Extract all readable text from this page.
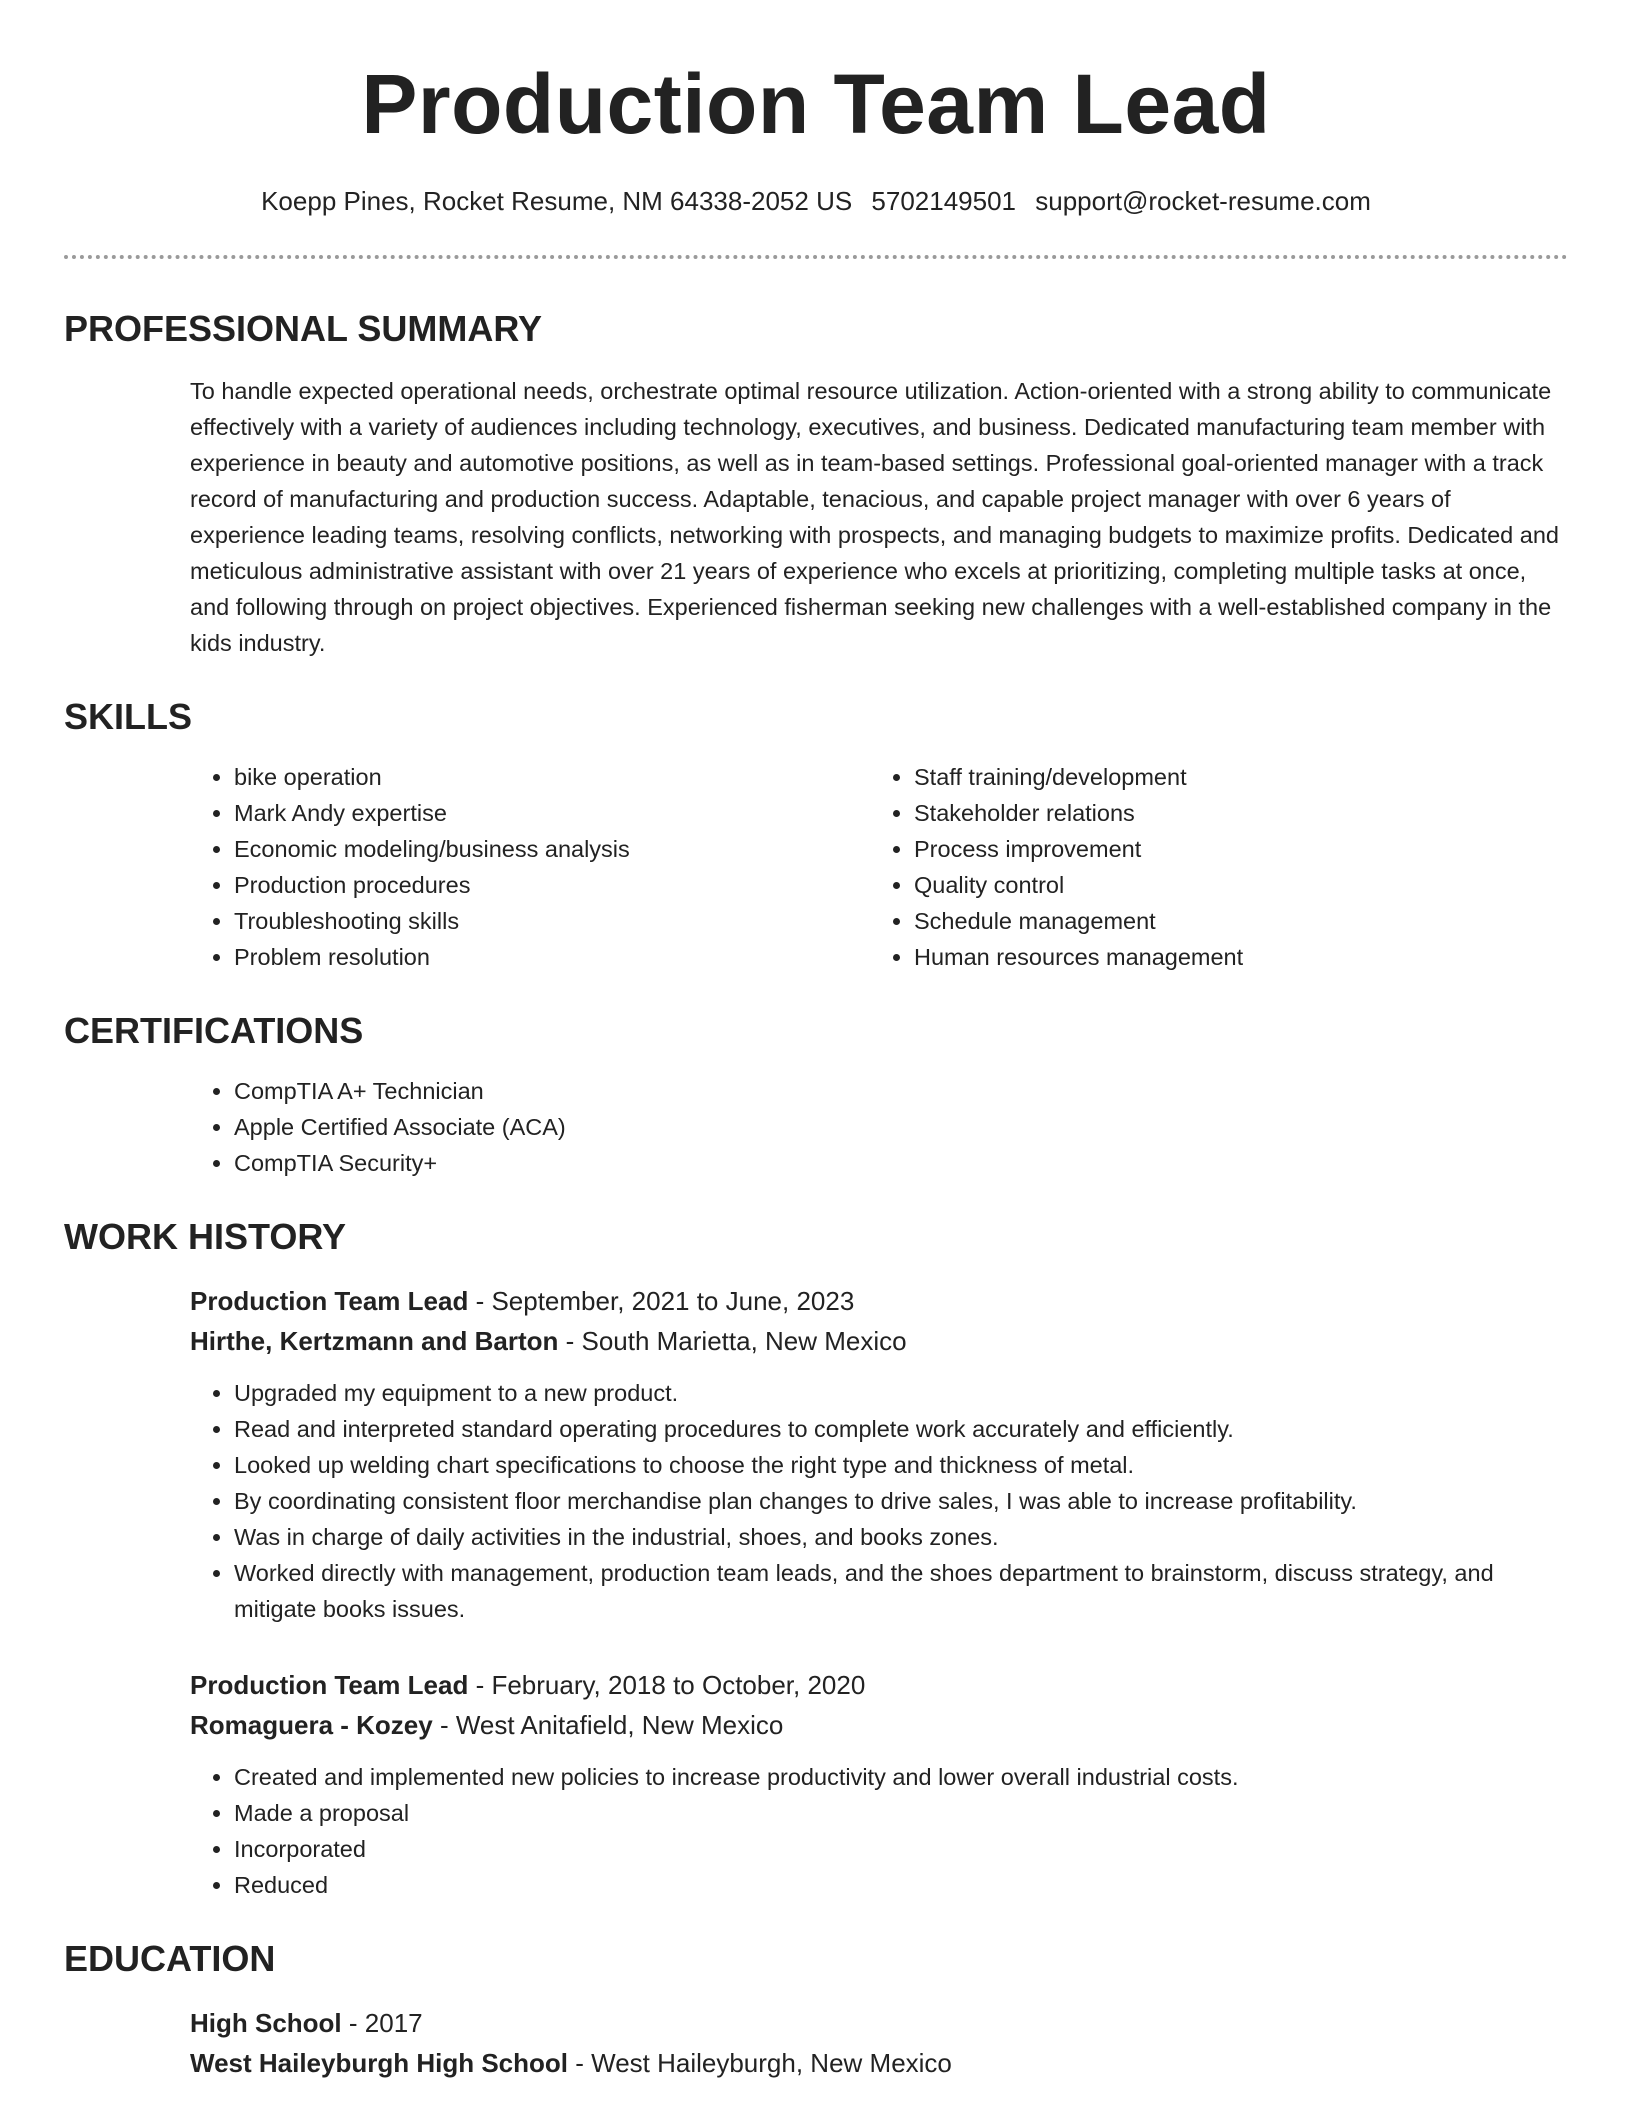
Production Team Lead
Koepp Pines, Rocket Resume, NM 64338-2052 US 5702149501 support@rocket-resume.com
PROFESSIONAL SUMMARY

To handle expected operational needs, orchestrate optimal resource utilization. Action-oriented with a strong ability to communicate effectively with a variety of audiences including technology, executives, and business. Dedicated manufacturing team member with experience in beauty and automotive positions, as well as in team-based settings. Professional goal-oriented manager with a track record of manufacturing and production success. Adaptable, tenacious, and capable project manager with over 6 years of experience leading teams, resolving conflicts, networking with prospects, and managing budgets to maximize profits. Dedicated and meticulous administrative assistant with over 21 years of experience who excels at prioritizing, completing multiple tasks at once, and following through on project objectives. Experienced fisherman seeking new challenges with a well-established company in the kids industry.

SKILLS
• bike operation
• Mark Andy expertise
• Economic modeling/business analysis
• Production procedures
• Troubleshooting skills
• Problem resolution
• Staff training/development
• Stakeholder relations
• Process improvement
• Quality control
• Schedule management
• Human resources management
CERTIFICATIONS
• CompTIA A+ Technician
• Apple Certified Associate (ACA)
• CompTIA Security+
WORK HISTORY
Production Team Lead - September, 2021 to June, 2023
Hirthe, Kertzmann and Barton - South Marietta, New Mexico
• Upgraded my equipment to a new product.
• Read and interpreted standard operating procedures to complete work accurately and efficiently.
• Looked up welding chart specifications to choose the right type and thickness of metal.
• By coordinating consistent floor merchandise plan changes to drive sales, I was able to increase profitability.
• Was in charge of daily activities in the industrial, shoes, and books zones.
• Worked directly with management, production team leads, and the shoes department to brainstorm, discuss strategy, and mitigate books issues.
Production Team Lead - February, 2018 to October, 2020
Romaguera - Kozey - West Anitafield, New Mexico
• Created and implemented new policies to increase productivity and lower overall industrial costs.
• Made a proposal
• Incorporated
• Reduced
EDUCATION
High School - 2017
West Haileyburgh High School - West Haileyburgh, New Mexico
